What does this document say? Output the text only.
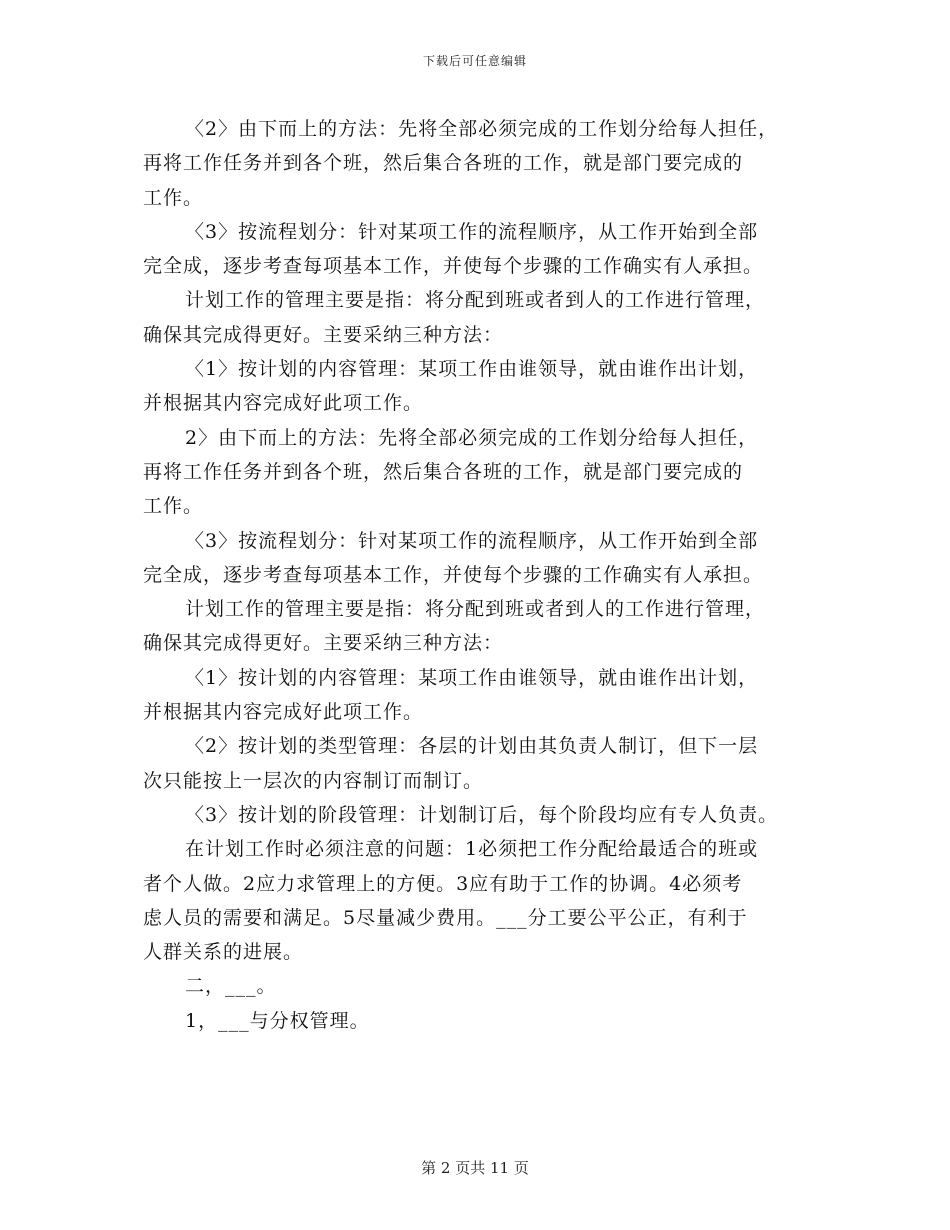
下载后可任意编辑
〈2〉由下而上的方法：先将全部必须完成的工作划分给每人担任，
再将工作任务并到各个班，然后集合各班的工作，就是部门要完成的
工作。
〈3〉按流程划分：针对某项工作的流程顺序，从工作开始到全部
完全成，逐步考查每项基本工作，并使每个步骤的工作确实有人承担。
计划工作的管理主要是指：将分配到班或者到人的工作进行管理，
确保其完成得更好。主要采纳三种方法：
〈1〉按计划的内容管理：某项工作由谁领导，就由谁作出计划，
并根据其内容完成好此项工作。
2〉由下而上的方法：先将全部必须完成的工作划分给每人担任，
再将工作任务并到各个班，然后集合各班的工作，就是部门要完成的
工作。
〈3〉按流程划分：针对某项工作的流程顺序，从工作开始到全部
完全成，逐步考查每项基本工作，并使每个步骤的工作确实有人承担。
计划工作的管理主要是指：将分配到班或者到人的工作进行管理，
确保其完成得更好。主要采纳三种方法：
〈1〉按计划的内容管理：某项工作由谁领导，就由谁作出计划，
并根据其内容完成好此项工作。
〈2〉按计划的类型管理：各层的计划由其负责人制订，但下一层
次只能按上一层次的内容制订而制订。
〈3〉按计划的阶段管理：计划制订后，每个阶段均应有专人负责。
在计划工作时必须注意的问题：1必须把工作分配给最适合的班或
者个人做。2应力求管理上的方便。3应有助于工作的协调。4必须考
虑人员的需要和满足。5尽量减少费用。___分工要公平公正，有利于
人群关系的进展。
二，___。
1，___与分权管理。
第 2 页共 11 页
